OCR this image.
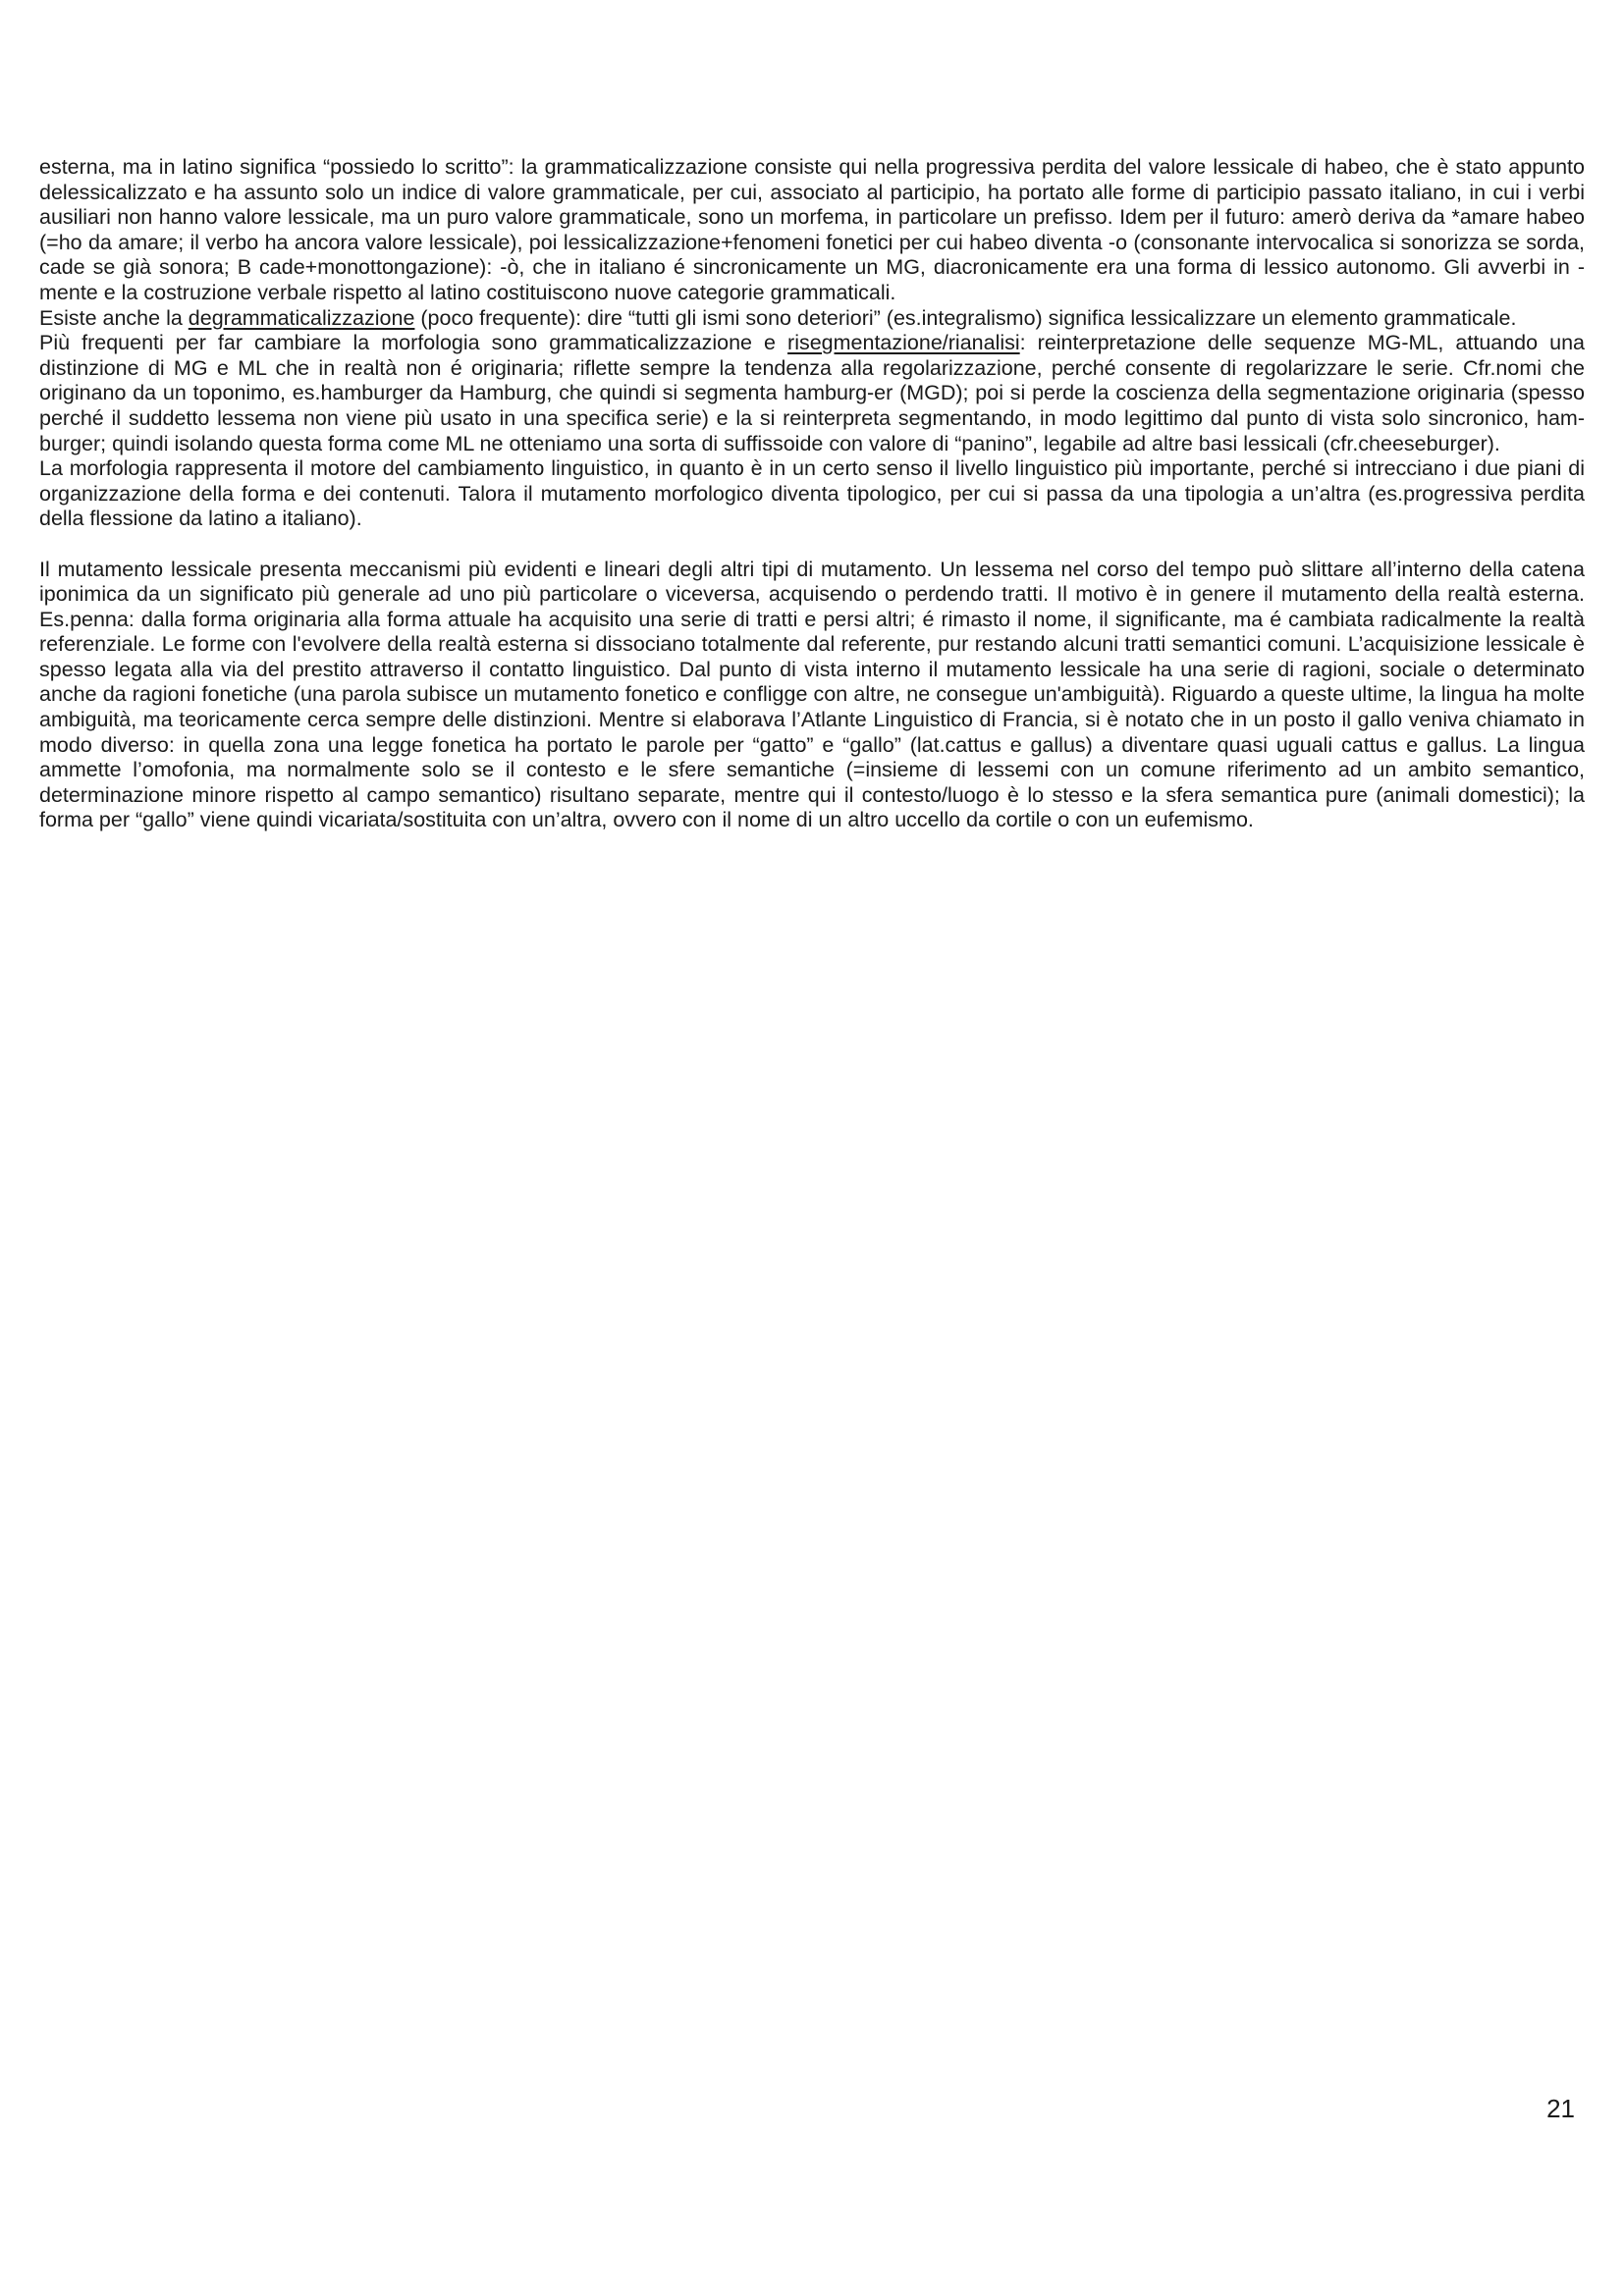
esterna, ma in latino significa “possiedo lo scritto”: la grammaticalizzazione consiste qui nella progressiva perdita del valore lessicale di habeo, che è stato appunto delessicalizzato e ha assunto solo un indice di valore grammaticale, per cui, associato al participio, ha portato alle forme di participio passato italiano, in cui i verbi ausiliari non hanno valore lessicale, ma un puro valore grammaticale, sono un morfema, in particolare un prefisso. Idem per il futuro: amerò deriva da *amare habeo (=ho da amare; il verbo ha ancora valore lessicale), poi lessicalizzazione+fenomeni fonetici per cui habeo diventa -o (consonante intervocalica si sonorizza se sorda, cade se già sonora; B cade+monottongazione): -ò, che in italiano é sincronicamente un MG, diacronicamente era una forma di lessico autonomo. Gli avverbi in -mente e la costruzione verbale rispetto al latino costituiscono nuove categorie grammaticali.

Esiste anche la degrammaticalizzazione (poco frequente): dire “tutti gli ismi sono deteriori” (es.integralismo) significa lessicalizzare un elemento grammaticale.

Più frequenti per far cambiare la morfologia sono grammaticalizzazione e risegmentazione/rianalisi: reinterpretazione delle sequenze MG-ML, attuando una distinzione di MG e ML che in realtà non é originaria; riflette sempre la tendenza alla regolarizzazione, perché consente di regolarizzare le serie. Cfr.nomi che originano da un toponimo, es.hamburger da Hamburg, che quindi si segmenta hamburg-er (MGD); poi si perde la coscienza della segmentazione originaria (spesso perché il suddetto lessema non viene più usato in una specifica serie) e la si reinterpreta segmentando, in modo legittimo dal punto di vista solo sincronico, ham-burger; quindi isolando questa forma come ML ne otteniamo una sorta di suffissoide con valore di “panino”, legabile ad altre basi lessicali (cfr.cheeseburger).

La morfologia rappresenta il motore del cambiamento linguistico, in quanto è in un certo senso il livello linguistico più importante, perché si intrecciano i due piani di organizzazione della forma e dei contenuti. Talora il mutamento morfologico diventa tipologico, per cui si passa da una tipologia a un’altra (es.progressiva perdita della flessione da latino a italiano).

Il mutamento lessicale presenta meccanismi più evidenti e lineari degli altri tipi di mutamento. Un lessema nel corso del tempo può slittare all’interno della catena iponimica da un significato più generale ad uno più particolare o viceversa, acquisendo o perdendo tratti. Il motivo è in genere il mutamento della realtà esterna. Es.penna: dalla forma originaria alla forma attuale ha acquisito una serie di tratti e persi altri; é rimasto il nome, il significante, ma é cambiata radicalmente la realtà referenziale. Le forme con l'evolvere della realtà esterna si dissociano totalmente dal referente, pur restando alcuni tratti semantici comuni. L’acquisizione lessicale è spesso legata alla via del prestito attraverso il contatto linguistico. Dal punto di vista interno il mutamento lessicale ha una serie di ragioni, sociale o determinato anche da ragioni fonetiche (una parola subisce un mutamento fonetico e confligge con altre, ne consegue un'ambiguità). Riguardo a queste ultime, la lingua ha molte ambiguità, ma teoricamente cerca sempre delle distinzioni. Mentre si elaborava l’Atlante Linguistico di Francia, si è notato che in un posto il gallo veniva chiamato in modo diverso: in quella zona una legge fonetica ha portato le parole per “gatto” e “gallo” (lat.cattus e gallus) a diventare quasi uguali cattus e gallus. La lingua ammette l’omofonia, ma normalmente solo se il contesto e le sfere semantiche (=insieme di lessemi con un comune riferimento ad un ambito semantico, determinazione minore rispetto al campo semantico) risultano separate, mentre qui il contesto/luogo è lo stesso e la sfera semantica pure (animali domestici); la forma per “gallo” viene quindi vicariata/sostituita con un’altra, ovvero con il nome di un altro uccello da cortile o con un eufemismo.

21
